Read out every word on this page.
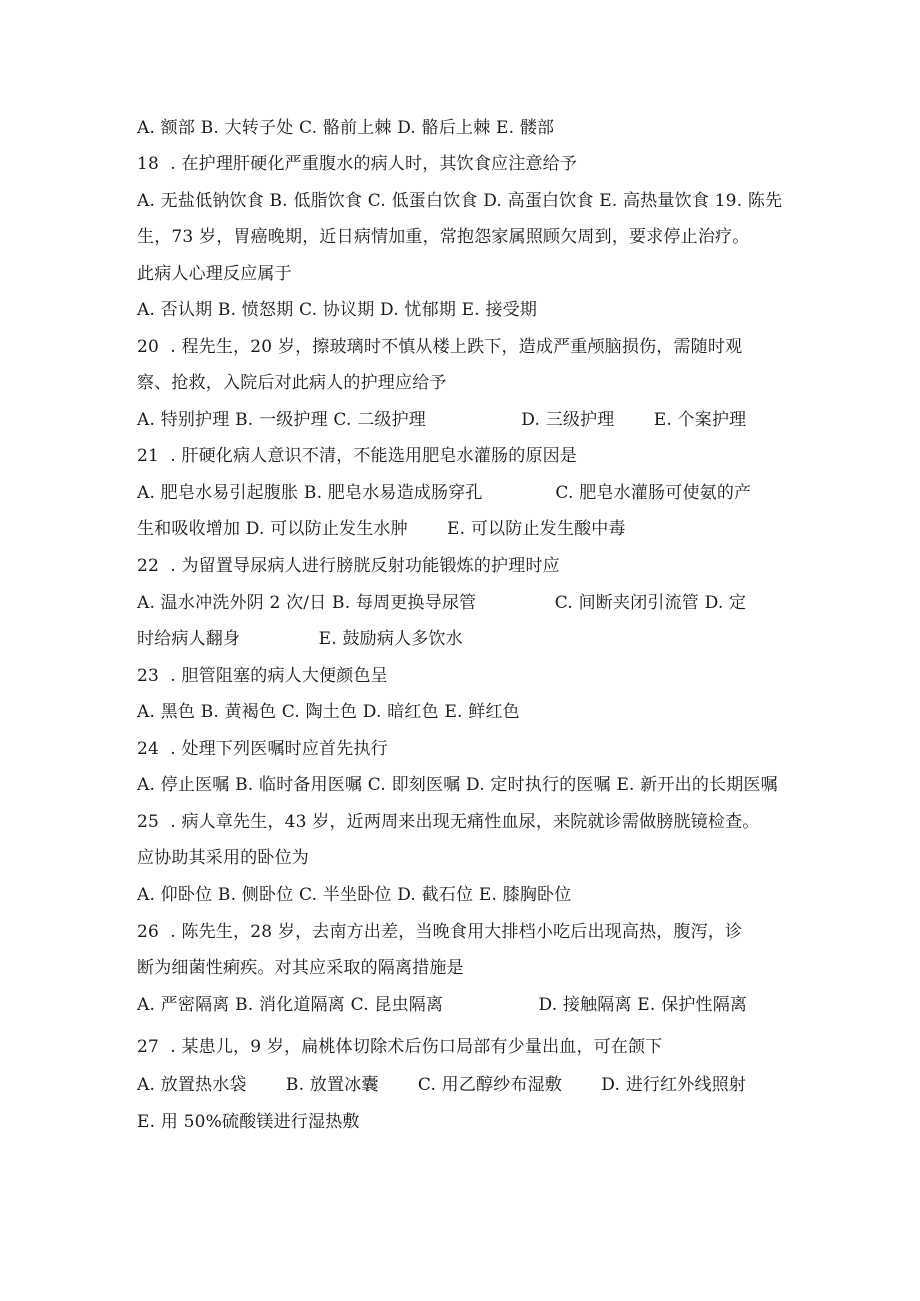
A. 额部 B. 大转子处 C. 骼前上棘 D. 骼后上棘 E. 髅部
18  . 在护理肝硬化严重腹水的病人时，其饮食应注意给予
A. 无盐低钠饮食 B. 低脂饮食 C. 低蛋白饮食 D. 高蛋白饮食 E. 高热量饮食 19. 陈先
生，73 岁，胃癌晚期，近日病情加重，常抱怨家属照顾欠周到，要求停止治疗。
此病人心理反应属于
A. 否认期 B. 愤怒期 C. 协议期 D. 忧郁期 E. 接受期
20  . 程先生，20 岁，擦玻璃时不慎从楼上跌下，造成严重颅脑损伤，需随时观
察、抢救，入院后对此病人的护理应给予
A. 特别护理 B. 一级护理 C. 二级护理                 D. 三级护理       E. 个案护理
21  . 肝硬化病人意识不清，不能选用肥皂水灌肠的原因是
A. 肥皂水易引起腹胀 B. 肥皂水易造成肠穿孔             C. 肥皂水灌肠可使氨的产
生和吸收增加 D. 可以防止发生水肿       E. 可以防止发生酸中毒
22  . 为留置导尿病人进行膀胱反射功能锻炼的护理时应
A. 温水冲洗外阴 2 次/日 B. 每周更换导尿管              C. 间断夹闭引流管 D. 定
时给病人翻身              E. 鼓励病人多饮水
23  . 胆管阻塞的病人大便颜色呈
A. 黑色 B. 黄褐色 C. 陶土色 D. 暗红色 E. 鲜红色
24  . 处理下列医嘱时应首先执行
A. 停止医嘱 B. 临时备用医嘱 C. 即刻医嘱 D. 定时执行的医嘱 E. 新开出的长期医嘱
25  . 病人章先生，43 岁，近两周来出现无痛性血尿，来院就诊需做膀胱镜检查。
应协助其采用的卧位为
A. 仰卧位 B. 侧卧位 C. 半坐卧位 D. 截石位 E. 膝胸卧位
26  . 陈先生，28 岁，去南方出差，当晚食用大排档小吃后出现高热，腹泻，诊
断为细菌性痢疾。对其应采取的隔离措施是
A. 严密隔离 B. 消化道隔离 C. 昆虫隔离                 D. 接触隔离 E. 保护性隔离
27  . 某患儿，9 岁，扁桃体切除术后伤口局部有少量出血，可在颌下
A. 放置热水袋       B. 放置冰囊       C. 用乙醇纱布湿敷       D. 进行红外线照射
E. 用 50%硫酸镁进行湿热敷
